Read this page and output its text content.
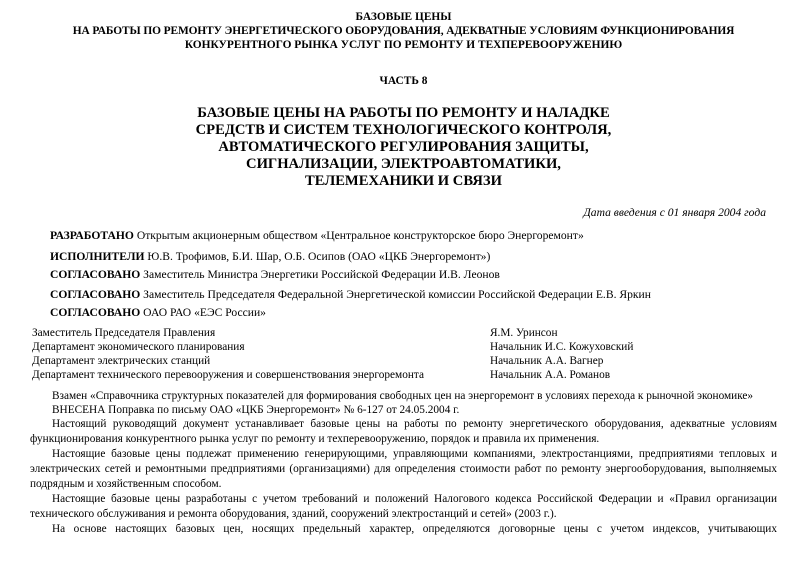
БАЗОВЫЕ ЦЕНЫ
НА РАБОТЫ ПО РЕМОНТУ ЭНЕРГЕТИЧЕСКОГО ОБОРУДОВАНИЯ, АДЕКВАТНЫЕ УСЛОВИЯМ ФУНКЦИОНИРОВАНИЯ
КОНКУРЕНТНОГО РЫНКА УСЛУГ ПО РЕМОНТУ И ТЕХПЕРЕВООРУЖЕНИЮ
ЧАСТЬ 8
БАЗОВЫЕ ЦЕНЫ НА РАБОТЫ ПО РЕМОНТУ И НАЛАДКЕ
СРЕДСТВ И СИСТЕМ ТЕХНОЛОГИЧЕСКОГО КОНТРОЛЯ,
АВТОМАТИЧЕСКОГО РЕГУЛИРОВАНИЯ ЗАЩИТЫ,
СИГНАЛИЗАЦИИ, ЭЛЕКТРОАВТОМАТИКИ,
ТЕЛЕМЕХАНИКИ И СВЯЗИ
Дата введения с 01 января 2004 года
РАЗРАБОТАНО Открытым акционерным обществом «Центральное конструкторское бюро Энергоремонт»
ИСПОЛНИТЕЛИ Ю.В. Трофимов, Б.И. Шар, О.Б. Осипов (ОАО «ЦКБ Энергоремонт»)
СОГЛАСОВАНО Заместитель Министра Энергетики Российской Федерации И.В. Леонов
СОГЛАСОВАНО Заместитель Председателя Федеральной Энергетической комиссии Российской Федерации Е.В. Яркин
СОГЛАСОВАНО ОАО РАО «ЕЭС России»
Заместитель Председателя Правления	Я.М. Уринсон
Департамент экономического планирования	Начальник И.С. Кожуховский
Департамент электрических станций	Начальник А.А. Вагнер
Департамент технического перевооружения и совершенствования энергоремонта	Начальник А.А. Романов
Взамен «Справочника структурных показателей для формирования свободных цен на энергоремонт в условиях перехода к рыночной экономике»
ВНЕСЕНА Поправка по письму ОАО «ЦКБ Энергоремонт» № 6-127 от 24.05.2004 г.
Настоящий руководящий документ устанавливает базовые цены на работы по ремонту энергетического оборудования, адекватные условиям функционирования конкурентного рынка услуг по ремонту и техперевооружению, порядок и правила их применения.
Настоящие базовые цены подлежат применению генерирующими, управляющими компаниями, электростанциями, предприятиями тепловых и электрических сетей и ремонтными предприятиями (организациями) для определения стоимости работ по ремонту энергооборудования, выполняемых подрядным и хозяйственным способом.
Настоящие базовые цены разработаны с учетом требований и положений Налогового кодекса Российской Федерации и «Правил организации технического обслуживания и ремонта оборудования, зданий, сооружений электростанций и сетей» (2003 г.).
На основе настоящих базовых цен, носящих предельный характер, определяются договорные цены с учетом индексов, учитывающих
